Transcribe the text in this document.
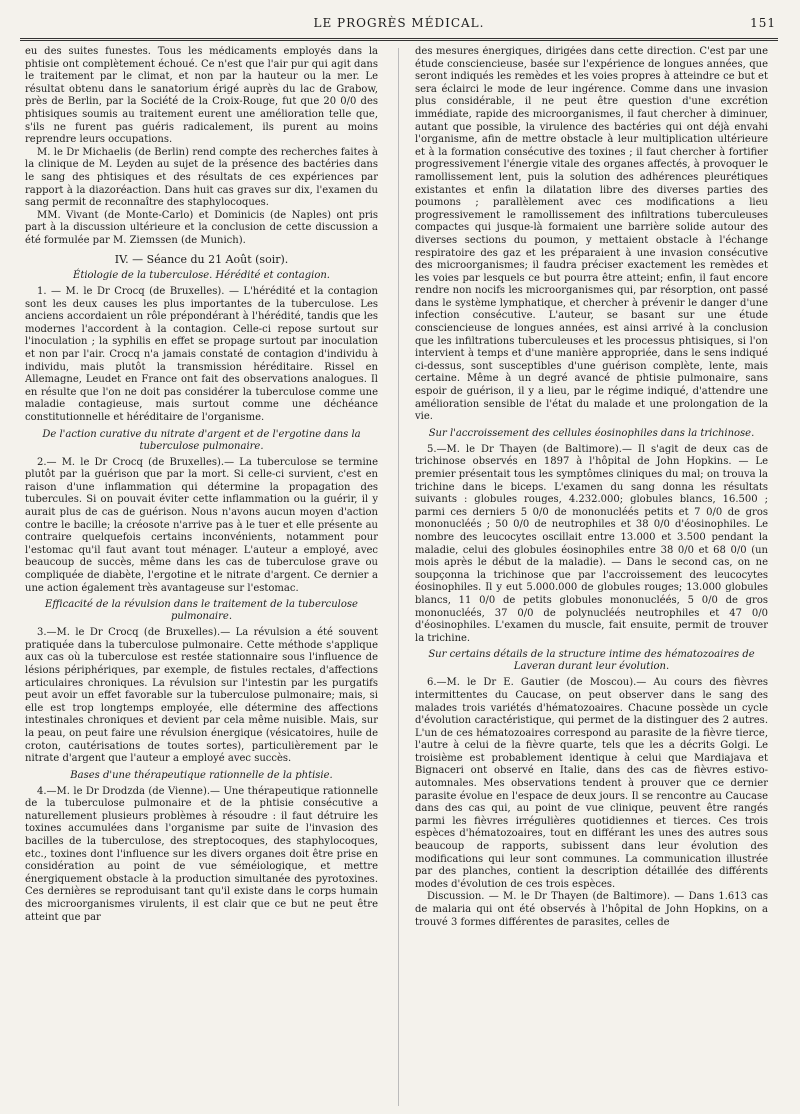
LE PROGRÈS MÉDICAL.	151

eu des suites funestes. Tous les médicaments employés dans la phtisie ont complètement échoué. Ce n'est que l'air pur qui agit dans le traitement par le climat, et non par la hauteur ou la mer. Le résultat obtenu dans le sanatorium érigé auprès du lac de Grabow, près de Berlin, par la Société de la Croix-Rouge, fut que 20 0/0 des phtisiques soumis au traitement eurent une amélioration telle que, s'ils ne furent pas guéris radicalement, ils purent au moins reprendre leurs occupations.

M. le Dr Michaelis (de Berlin) rend compte des recherches faites à la clinique de M. Leyden au sujet de la présence des bactéries dans le sang des phtisiques et des résultats de ces expériences par rapport à la diazoréaction. Dans huit cas graves sur dix, l'examen du sang permit de reconnaître des staphylocoques.

MM. Vivant (de Monte-Carlo) et Dominicis (de Naples) ont pris part à la discussion ultérieure et la conclusion de cette discussion a été formulée par M. Ziemssen (de Munich).

IV. — Séance du 21 Août (soir).
Étiologie de la tuberculose. Hérédité et contagion.

1. — M. le Dr Crocq (de Bruxelles). — L'hérédité et la contagion sont les deux causes les plus importantes de la tuberculose. Les anciens accordaient un rôle prépondérant à l'hérédité, tandis que les modernes l'accordent à la contagion. Celle-ci repose surtout sur l'inoculation ; la syphilis en effet se propage surtout par inoculation et non par l'air. Crocq n'a jamais constaté de contagion d'individu à individu, mais plutôt la transmission héréditaire. Rissel en Allemagne, Leudet en France ont fait des observations analogues. Il en résulte que l'on ne doit pas considérer la tuberculose comme une maladie contagieuse, mais surtout comme une déchéance constitutionnelle et héréditaire de l'organisme.

De l'action curative du nitrate d'argent et de l'ergotine dans la tuberculose pulmonaire.

2.— M. le Dr Crocq (de Bruxelles).— La tuberculose se termine plutôt par la guérison que par la mort. Si celle-ci survient, c'est en raison d'une inflammation qui détermine la propagation des tubercules. Si on pouvait éviter cette inflammation ou la guérir, il y aurait plus de cas de guérison. Nous n'avons aucun moyen d'action contre le bacille; la créosote n'arrive pas à le tuer et elle présente au contraire quelquefois certains inconvénients, notamment pour l'estomac qu'il faut avant tout ménager. L'auteur a employé, avec beaucoup de succès, même dans les cas de tuberculose grave ou compliquée de diabète, l'ergotine et le nitrate d'argent. Ce dernier a une action également très avantageuse sur l'estomac.

Efficacité de la révulsion dans le traitement de la tuberculose pulmonaire.

3.—M. le Dr Crocq (de Bruxelles).— La révulsion a été souvent pratiquée dans la tuberculose pulmonaire. Cette méthode s'applique aux cas où la tuberculose est restée stationnaire sous l'influence de lésions périphériques, par exemple, de fistules rectales, d'affections articulaires chroniques. La révulsion sur l'intestin par les purgatifs peut avoir un effet favorable sur la tuberculose pulmonaire; mais, si elle est trop longtemps employée, elle détermine des affections intestinales chroniques et devient par cela même nuisible. Mais, sur la peau, on peut faire une révulsion énergique (vésicatoires, huile de croton, cautérisations de toutes sortes), particulièrement par le nitrate d'argent que l'auteur a employé avec succès.

Bases d'une thérapeutique rationnelle de la phtisie.

4.—M. le Dr Drodzda (de Vienne).— Une thérapeutique rationnelle de la tuberculose pulmonaire et de la phtisie consécutive a naturellement plusieurs problèmes à résoudre : il faut détruire les toxines accumulées dans l'organisme par suite de l'invasion des bacilles de la tuberculose, des streptocoques, des staphylocoques, etc., toxines dont l'influence sur les divers organes doit être prise en considération au point de vue séméiologique, et mettre énergiquement obstacle à la production simultanée des pyrotoxines. Ces dernières se reproduisant tant qu'il existe dans le corps humain des microorganismes virulents, il est clair que ce but ne peut être atteint que par

des mesures énergiques, dirigées dans cette direction. C'est par une étude consciencieuse, basée sur l'expérience de longues années, que seront indiqués les remèdes et les voies propres à atteindre ce but et sera éclairci le mode de leur ingérence. Comme dans une invasion plus considérable, il ne peut être question d'une excrétion immédiate, rapide des microorganismes, il faut chercher à diminuer, autant que possible, la virulence des bactéries qui ont déjà envahi l'organisme, afin de mettre obstacle à leur multiplication ultérieure et à la formation consécutive des toxines ; il faut chercher à fortifier progressivement l'énergie vitale des organes affectés, à provoquer le ramollissement lent, puis la solution des adhérences pleurétiques existantes et enfin la dilatation libre des diverses parties des poumons ; parallèlement avec ces modifications a lieu progressivement le ramollissement des infiltrations tuberculeuses compactes qui jusque-là formaient une barrière solide autour des diverses sections du poumon, y mettaient obstacle à l'échange respiratoire des gaz et les préparaient à une invasion consécutive des microorganismes; il faudra préciser exactement les remèdes et les voies par lesquels ce but pourra être atteint; enfin, il faut encore rendre non nocifs les microorganismes qui, par résorption, ont passé dans le système lymphatique, et chercher à prévenir le danger d'une infection consécutive. L'auteur, se basant sur une étude consciencieuse de longues années, est ainsi arrivé à la conclusion que les infiltrations tuberculeuses et les processus phtisiques, si l'on intervient à temps et d'une manière appropriée, dans le sens indiqué ci-dessus, sont susceptibles d'une guérison complète, lente, mais certaine. Même à un degré avancé de phtisie pulmonaire, sans espoir de guérison, il y a lieu, par le régime indiqué, d'attendre une amélioration sensible de l'état du malade et une prolongation de la vie.

Sur l'accroissement des cellules éosinophiles dans la trichinose.

5.—M. le Dr Thayen (de Baltimore).— Il s'agit de deux cas de trichinose observés en 1897 à l'hôpital de John Hopkins. — Le premier présentait tous les symptômes cliniques du mal; on trouva la trichine dans le biceps. L'examen du sang donna les résultats suivants : globules rouges, 4.232.000; globules blancs, 16.500 ; parmi ces derniers 5 0/0 de mononucléés petits et 7 0/0 de gros mononucléés ; 50 0/0 de neutrophiles et 38 0/0 d'éosinophiles. Le nombre des leucocytes oscillait entre 13.000 et 3.500 pendant la maladie, celui des globules éosinophiles entre 38 0/0 et 68 0/0 (un mois après le début de la maladie). — Dans le second cas, on ne soupçonna la trichinose que par l'accroissement des leucocytes éosinophiles. Il y eut 5.000.000 de globules rouges; 13.000 globules blancs, 11 0/0 de petits globules mononucléés, 5 0/0 de gros mononucléés, 37 0/0 de polynucléés neutrophiles et 47 0/0 d'éosinophiles. L'examen du muscle, fait ensuite, permit de trouver la trichine.

Sur certains détails de la structure intime des hématozoaires de Laveran durant leur évolution.

6.—M. le Dr E. Gautier (de Moscou).— Au cours des fièvres intermittentes du Caucase, on peut observer dans le sang des malades trois variétés d'hématozoaires. Chacune possède un cycle d'évolution caractéristique, qui permet de la distinguer des 2 autres. L'un de ces hématozoaires correspond au parasite de la fièvre tierce, l'autre à celui de la fièvre quarte, tels que les a décrits Golgi. Le troisième est probablement identique à celui que Mardiajava et Bignaceri ont observé en Italie, dans des cas de fièvres estivo-automnales. Mes observations tendent à prouver que ce dernier parasite évolue en l'espace de deux jours. Il se rencontre au Caucase dans des cas qui, au point de vue clinique, peuvent être rangés parmi les fièvres irrégulières quotidiennes et tierces. Ces trois espèces d'hématozoaires, tout en différant les unes des autres sous beaucoup de rapports, subissent dans leur évolution des modifications qui leur sont communes. La communication illustrée par des planches, contient la description détaillée des différents modes d'évolution de ces trois espèces.

Discussion. — M. le Dr Thayen (de Baltimore). — Dans 1.613 cas de malaria qui ont été observés à l'hôpital de John Hopkins, on a trouvé 3 formes différentes de parasites, celles de
